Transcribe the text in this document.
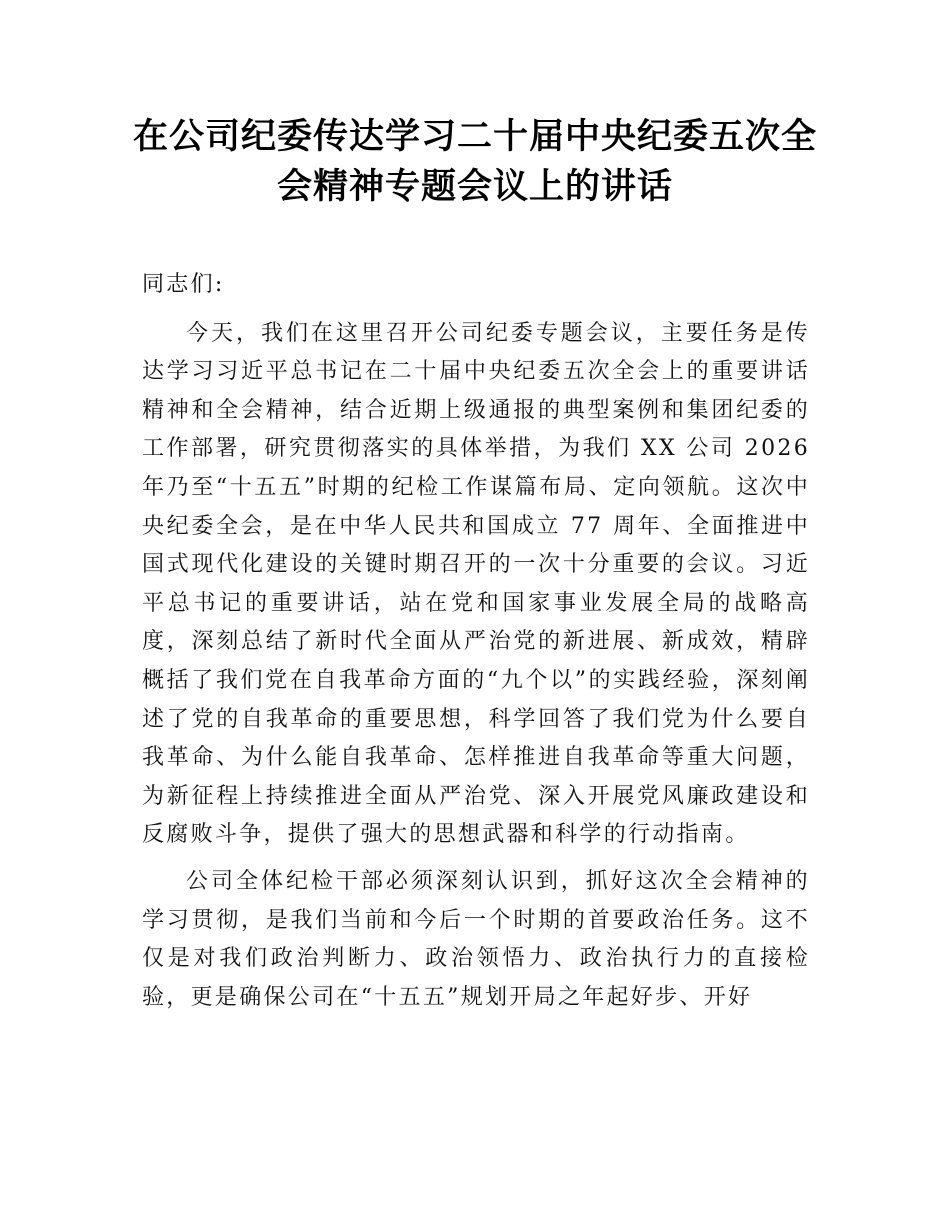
在公司纪委传达学习二十届中央纪委五次全
会精神专题会议上的讲话

同志们:

今天，我们在这里召开公司纪委专题会议，主要任务是传达学习习近平总书记在二十届中央纪委五次全会上的重要讲话精神和全会精神，结合近期上级通报的典型案例和集团纪委的工作部署，研究贯彻落实的具体举措，为我们 XX 公司 2026 年乃至“十五五”时期的纪检工作谋篇布局、定向领航。这次中央纪委全会，是在中华人民共和国成立 77 周年、全面推进中国式现代化建设的关键时期召开的一次十分重要的会议。习近平总书记的重要讲话，站在党和国家事业发展全局的战略高度，深刻总结了新时代全面从严治党的新进展、新成效，精辟概括了我们党在自我革命方面的“九个以”的实践经验，深刻阐述了党的自我革命的重要思想，科学回答了我们党为什么要自我革命、为什么能自我革命、怎样推进自我革命等重大问题，为新征程上持续推进全面从严治党、深入开展党风廉政建设和反腐败斗争，提供了强大的思想武器和科学的行动指南。

公司全体纪检干部必须深刻认识到，抓好这次全会精神的学习贯彻，是我们当前和今后一个时期的首要政治任务。这不仅是对我们政治判断力、政治领悟力、政治执行力的直接检验，更是确保公司在“十五五”规划开局之年起好步、开好
